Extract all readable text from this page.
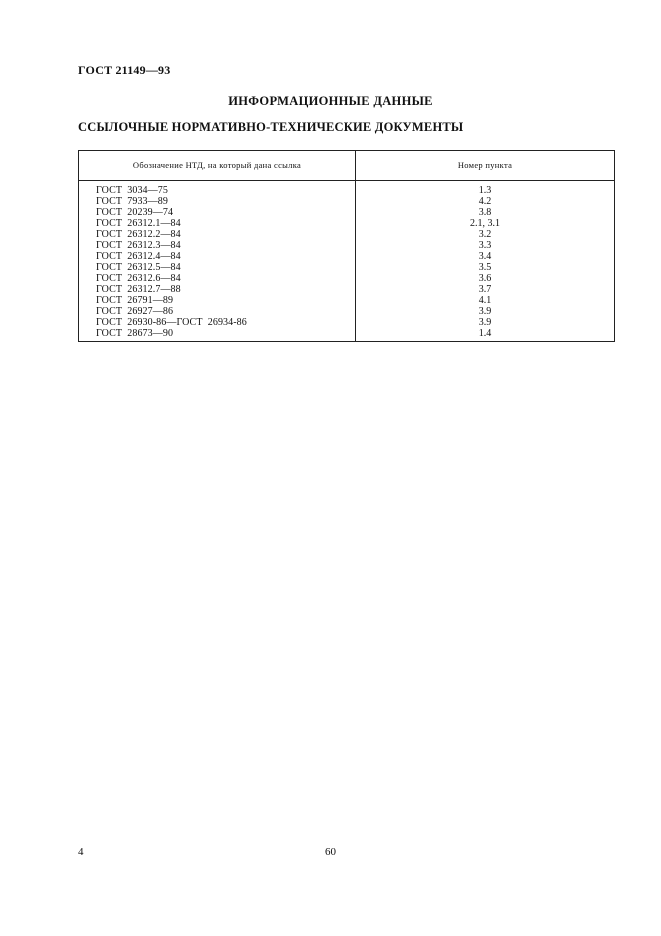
ГОСТ 21149—93
ИНФОРМАЦИОННЫЕ ДАННЫЕ
ССЫЛОЧНЫЕ НОРМАТИВНО-ТЕХНИЧЕСКИЕ ДОКУМЕНТЫ
Обозначение НТД, на который дана ссылка	Номер пункта
ГОСТ  3034—75	1.3
ГОСТ  7933—89	4.2
ГОСТ  20239—74	3.8
ГОСТ  26312.1—84	2.1, 3.1
ГОСТ  26312.2—84	3.2
ГОСТ  26312.3—84	3.3
ГОСТ  26312.4—84	3.4
ГОСТ  26312.5—84	3.5
ГОСТ  26312.6—84	3.6
ГОСТ  26312.7—88	3.7
ГОСТ  26791—89	4.1
ГОСТ  26927—86	3.9
ГОСТ  26930-86—ГОСТ  26934-86	3.9
ГОСТ  28673—90	1.4
4	60
